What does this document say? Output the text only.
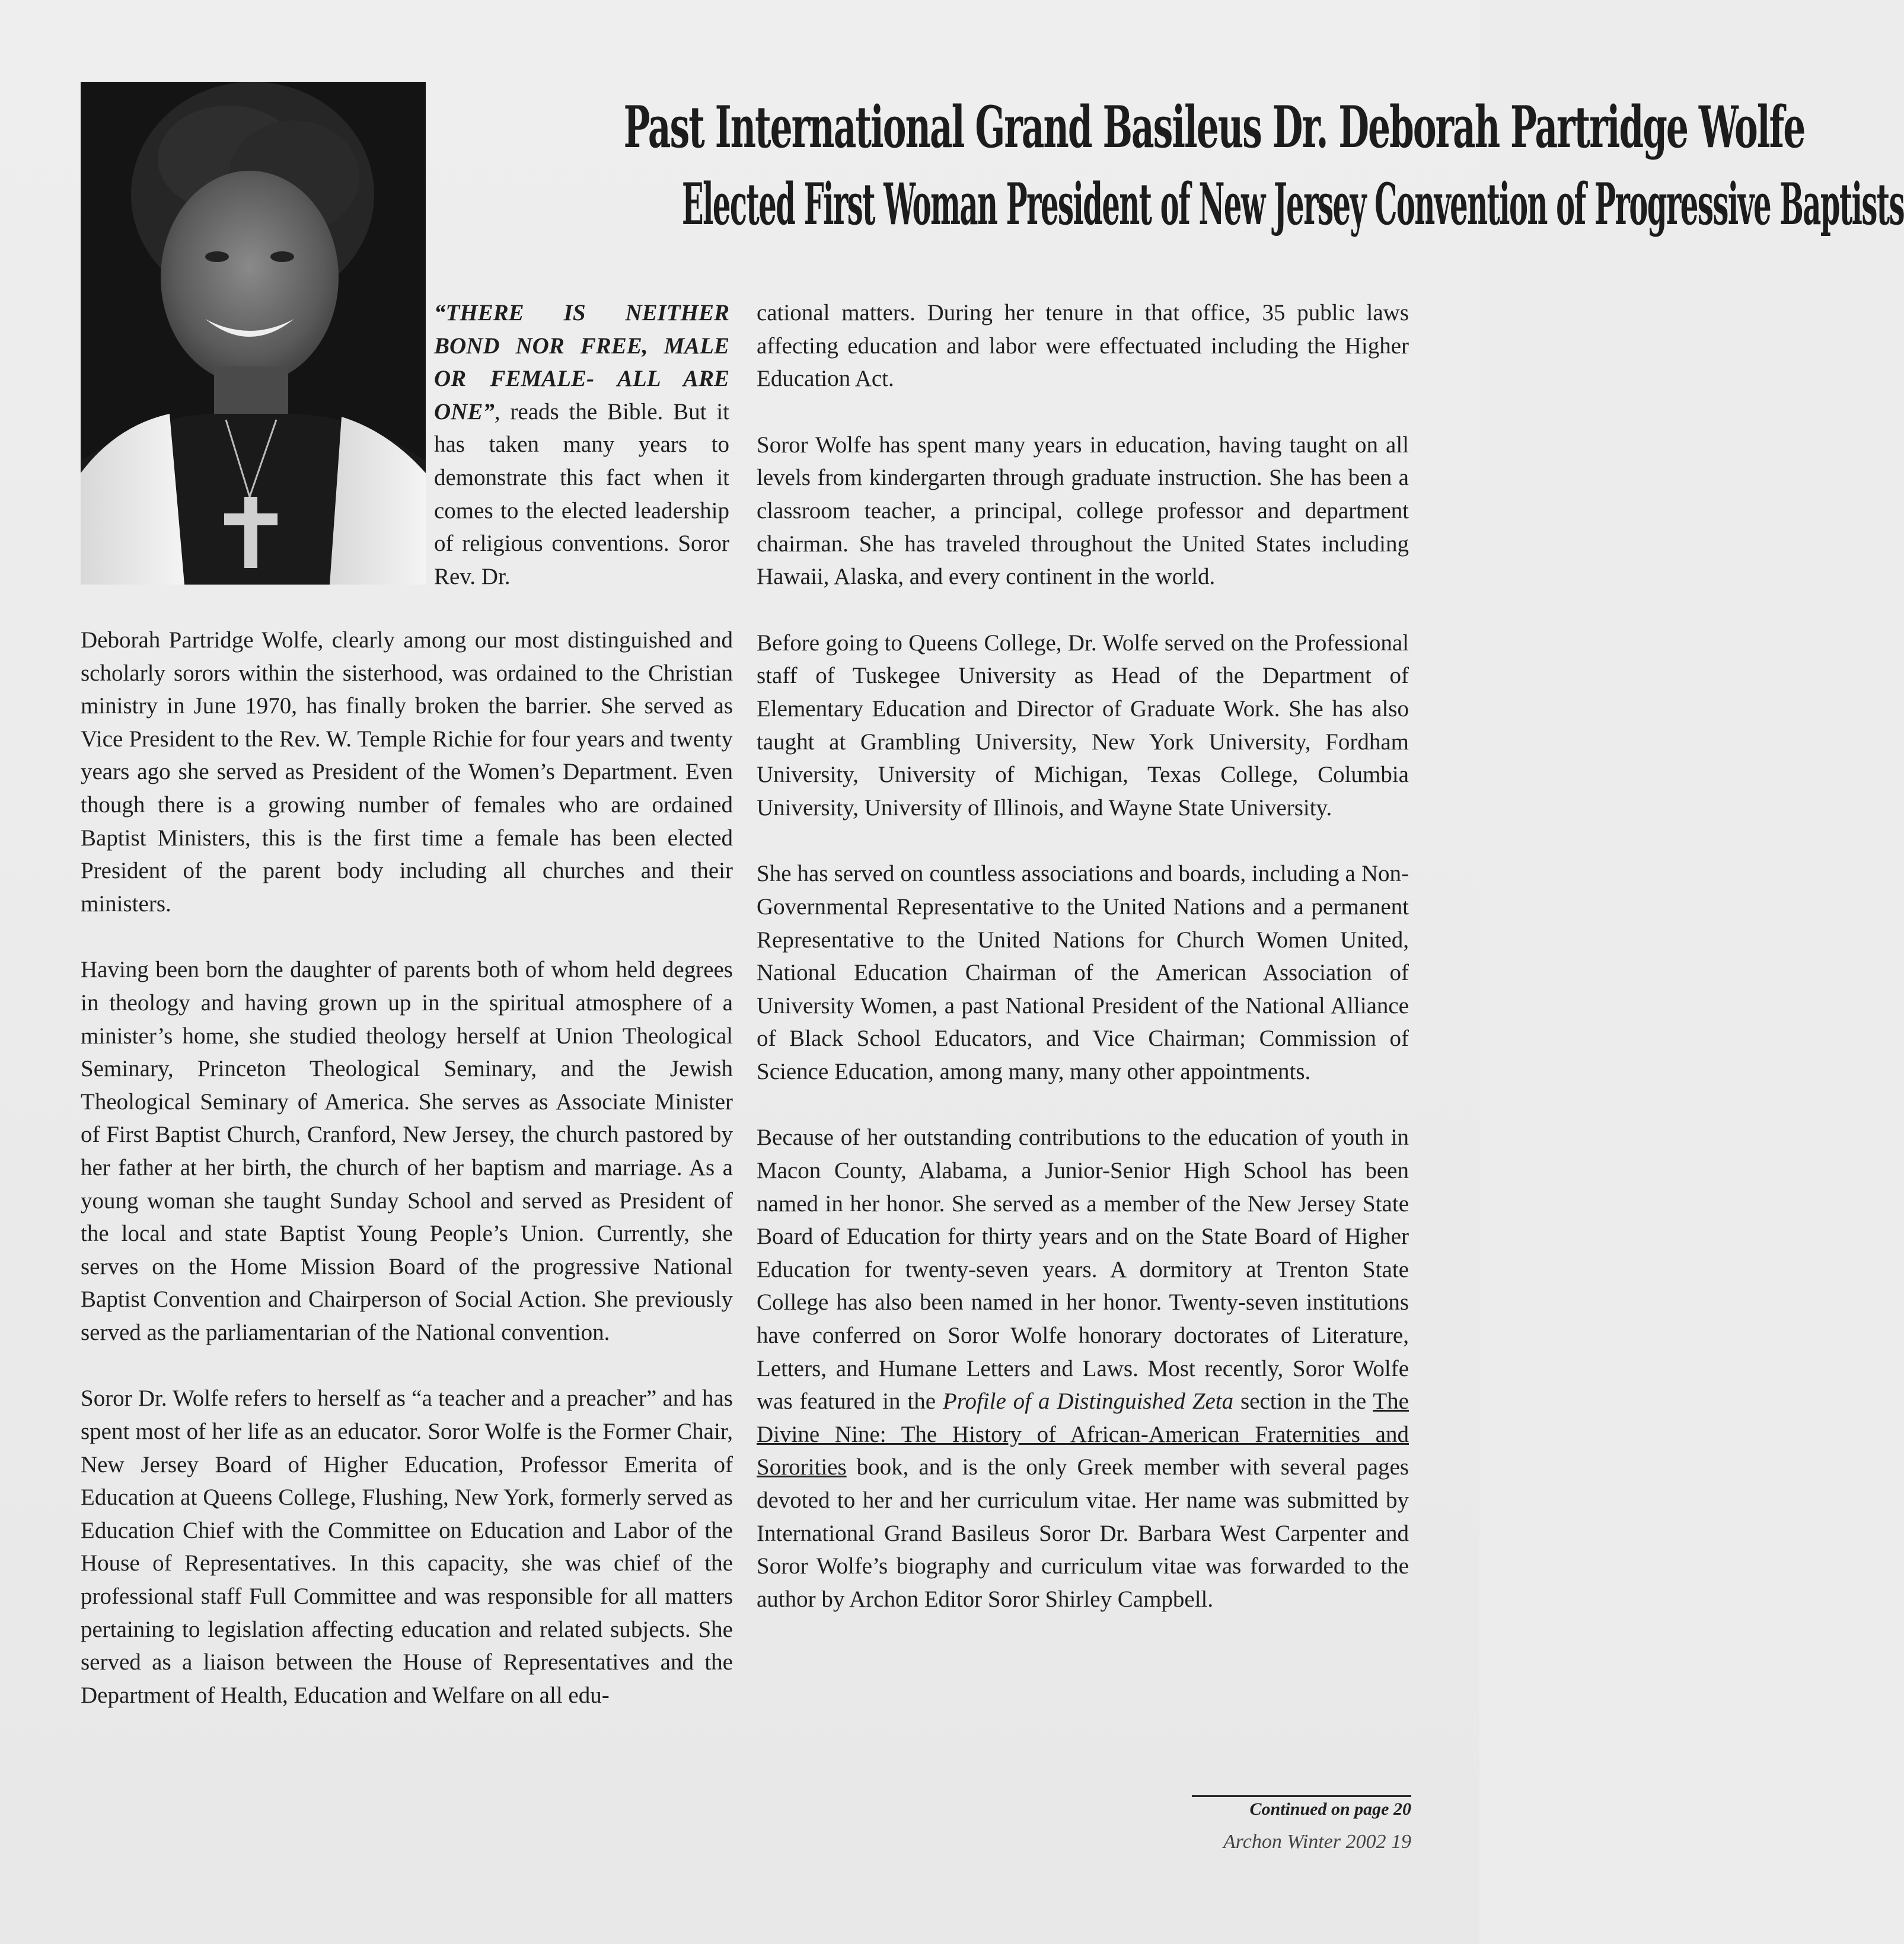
Past International Grand Basileus Dr. Deborah Partridge Wolfe
Elected First Woman President of New Jersey Convention of Progressive Baptists

“THERE IS NEITHER BOND NOR FREE, MALE OR FEMALE- ALL ARE ONE”, reads the Bible. But it has taken many years to demonstrate this fact when it comes to the elected leadership of religious conventions. Soror Rev. Dr.

Deborah Partridge Wolfe, clearly among our most distinguished and scholarly sorors within the sisterhood, was ordained to the Christian ministry in June 1970, has finally broken the barrier. She served as Vice President to the Rev. W. Temple Richie for four years and twenty years ago she served as President of the Women’s Department. Even though there is a growing number of females who are ordained Baptist Ministers, this is the first time a female has been elected President of the parent body including all churches and their ministers.

Having been born the daughter of parents both of whom held degrees in theology and having grown up in the spiritual atmosphere of a minister’s home, she studied theology herself at Union Theological Seminary, Princeton Theological Seminary, and the Jewish Theological Seminary of America. She serves as Associate Minister of First Baptist Church, Cranford, New Jersey, the church pastored by her father at her birth, the church of her baptism and marriage. As a young woman she taught Sunday School and served as President of the local and state Baptist Young People’s Union. Currently, she serves on the Home Mission Board of the progressive National Baptist Convention and Chairperson of Social Action. She previously served as the parliamentarian of the National convention.

Soror Dr. Wolfe refers to herself as “a teacher and a preacher” and has spent most of her life as an educator. Soror Wolfe is the Former Chair, New Jersey Board of Higher Education, Professor Emerita of Education at Queens College, Flushing, New York, formerly served as Education Chief with the Committee on Education and Labor of the House of Representatives. In this capacity, she was chief of the professional staff Full Committee and was responsible for all matters pertaining to legislation affecting education and related subjects. She served as a liaison between the House of Representatives and the Department of Health, Education and Welfare on all edu-

cational matters. During her tenure in that office, 35 public laws affecting education and labor were effectuated including the Higher Education Act.

Soror Wolfe has spent many years in education, having taught on all levels from kindergarten through graduate instruction. She has been a classroom teacher, a principal, college professor and department chairman. She has traveled throughout the United States including Hawaii, Alaska, and every continent in the world.

Before going to Queens College, Dr. Wolfe served on the Professional staff of Tuskegee University as Head of the Department of Elementary Education and Director of Graduate Work. She has also taught at Grambling University, New York University, Fordham University, University of Michigan, Texas College, Columbia University, University of Illinois, and Wayne State University.

She has served on countless associations and boards, including a Non-Governmental Representative to the United Nations and a permanent Representative to the United Nations for Church Women United, National Education Chairman of the American Association of University Women, a past National President of the National Alliance of Black School Educators, and Vice Chairman; Commission of Science Education, among many, many other appointments.

Because of her outstanding contributions to the education of youth in Macon County, Alabama, a Junior-Senior High School has been named in her honor. She served as a member of the New Jersey State Board of Education for thirty years and on the State Board of Higher Education for twenty-seven years. A dormitory at Trenton State College has also been named in her honor. Twenty-seven institutions have conferred on Soror Wolfe honorary doctorates of Literature, Letters, and Humane Letters and Laws. Most recently, Soror Wolfe was featured in the Profile of a Distinguished Zeta section in the The Divine Nine: The History of African-American Fraternities and Sororities book, and is the only Greek member with several pages devoted to her and her curriculum vitae. Her name was submitted by International Grand Basileus Soror Dr. Barbara West Carpenter and Soror Wolfe’s biography and curriculum vitae was forwarded to the author by Archon Editor Soror Shirley Campbell.

Continued on page 20
Archon Winter 2002 19
